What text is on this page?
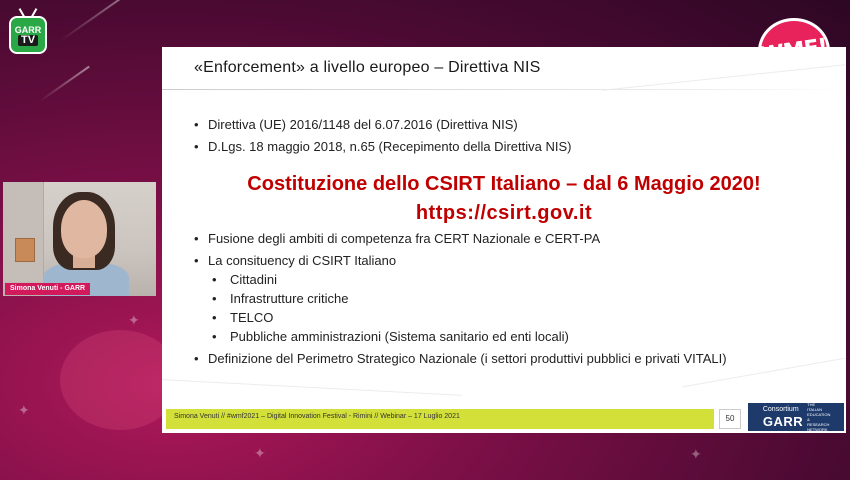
✦
✦
✦	✦
GARR
TV
Simona Venuti - GARR
«Enforcement» a livello europeo – Direttiva NIS
• Direttiva (UE) 2016/1148 del 6.07.2016 (Direttiva NIS)
• D.Lgs. 18 maggio 2018, n.65 (Recepimento della Direttiva NIS)
Costituzione dello CSIRT Italiano – dal 6 Maggio 2020!
https://csirt.gov.it
• Fusione degli ambiti di competenza fra CERT Nazionale e CERT-PA
• La consituency di CSIRT Italiano
• Cittadini
• Infrastrutture critiche
• TELCO
• Pubbliche amministrazioni (Sistema sanitario ed enti locali)
• Definizione del Perimetro Strategico Nazionale (i settori produttivi pubblici e privati VITALI)
Simona Venuti // #wmf2021 – Digital Innovation Festival - Rimini // Webinar – 17 Luglio 2021	50
Consortium
GARR
THE ITALIAN EDUCATION & RESEARCH NETWORK
